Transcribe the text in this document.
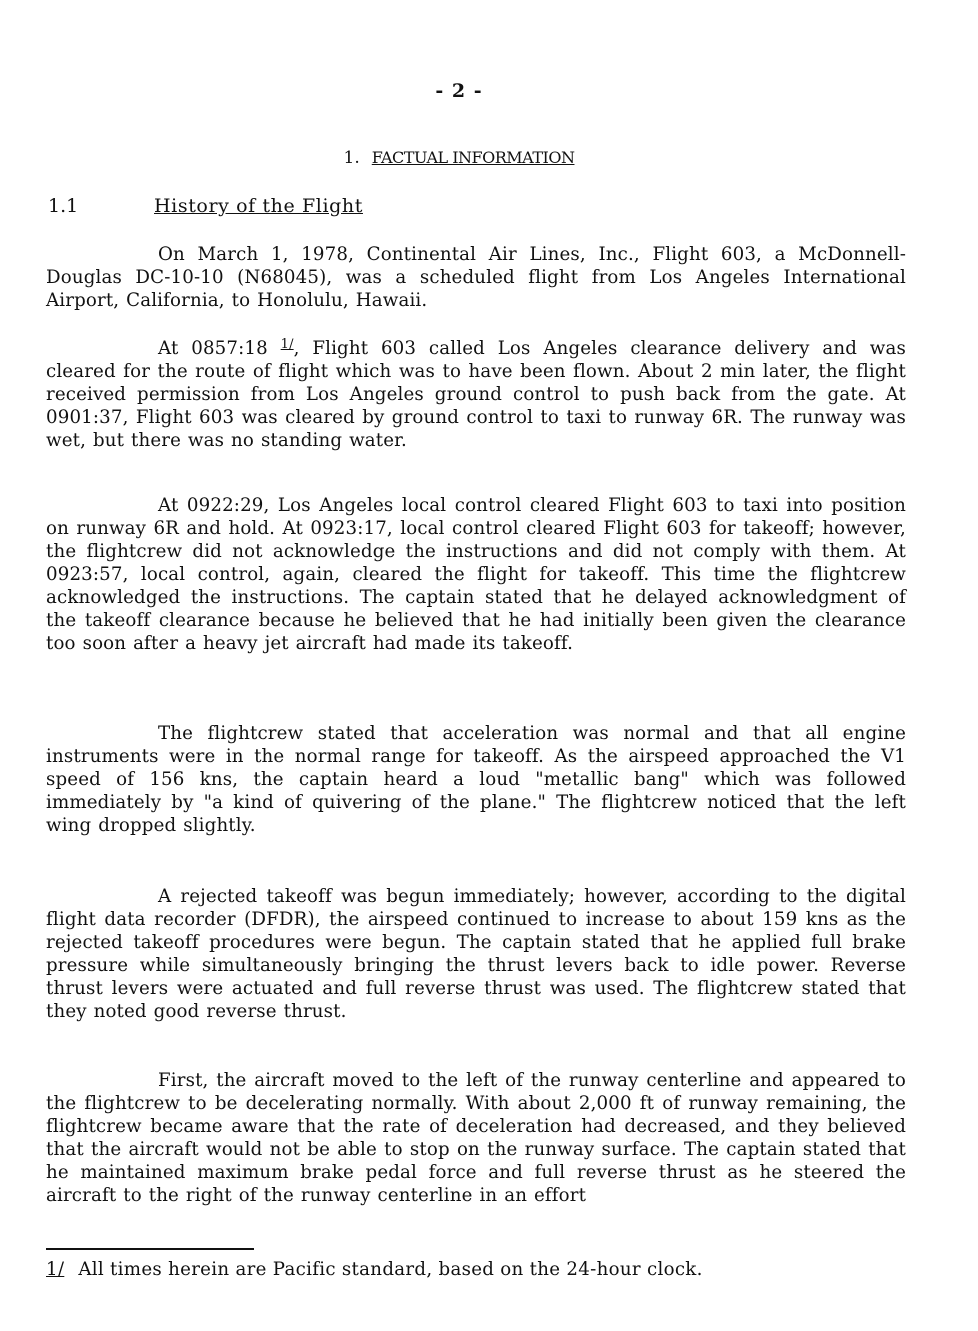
- 2 -
1. FACTUAL INFORMATION
1.1	History of the Flight

On March 1, 1978, Continental Air Lines, Inc., Flight 603, a McDonnell-Douglas DC-10-10 (N68045), was a scheduled flight from Los Angeles International Airport, California, to Honolulu, Hawaii.

At 0857:18 $^{1/}$, Flight 603 called Los Angeles clearance delivery and was cleared for the route of flight which was to have been flown. About 2 min later, the flight received permission from Los Angeles ground control to push back from the gate. At 0901:37, Flight 603 was cleared by ground control to taxi to runway 6R. The runway was wet, but there was no standing water.

At 0922:29, Los Angeles local control cleared Flight 603 to taxi into position on runway 6R and hold. At 0923:17, local control cleared Flight 603 for takeoff; however, the flightcrew did not acknowledge the instructions and did not comply with them. At 0923:57, local control, again, cleared the flight for takeoff. This time the flightcrew acknowledged the instructions. The captain stated that he delayed acknowledgment of the takeoff clearance because he believed that he had initially been given the clearance too soon after a heavy jet aircraft had made its takeoff.

The flightcrew stated that acceleration was normal and that all engine instruments were in the normal range for takeoff. As the airspeed approached the V1 speed of 156 kns, the captain heard a loud "metallic bang" which was followed immediately by "a kind of quivering of the plane." The flightcrew noticed that the left wing dropped slightly.

A rejected takeoff was begun immediately; however, according to the digital flight data recorder (DFDR), the airspeed continued to increase to about 159 kns as the rejected takeoff procedures were begun. The captain stated that he applied full brake pressure while simultaneously bringing the thrust levers back to idle power. Reverse thrust levers were actuated and full reverse thrust was used. The flightcrew stated that they noted good reverse thrust.

First, the aircraft moved to the left of the runway centerline and appeared to the flightcrew to be decelerating normally. With about 2,000 ft of runway remaining, the flightcrew became aware that the rate of deceleration had decreased, and they believed that the aircraft would not be able to stop on the runway surface. The captain stated that he maintained maximum brake pedal force and full reverse thrust as he steered the aircraft to the right of the runway centerline in an effort

1/ All times herein are Pacific standard, based on the 24-hour clock.
